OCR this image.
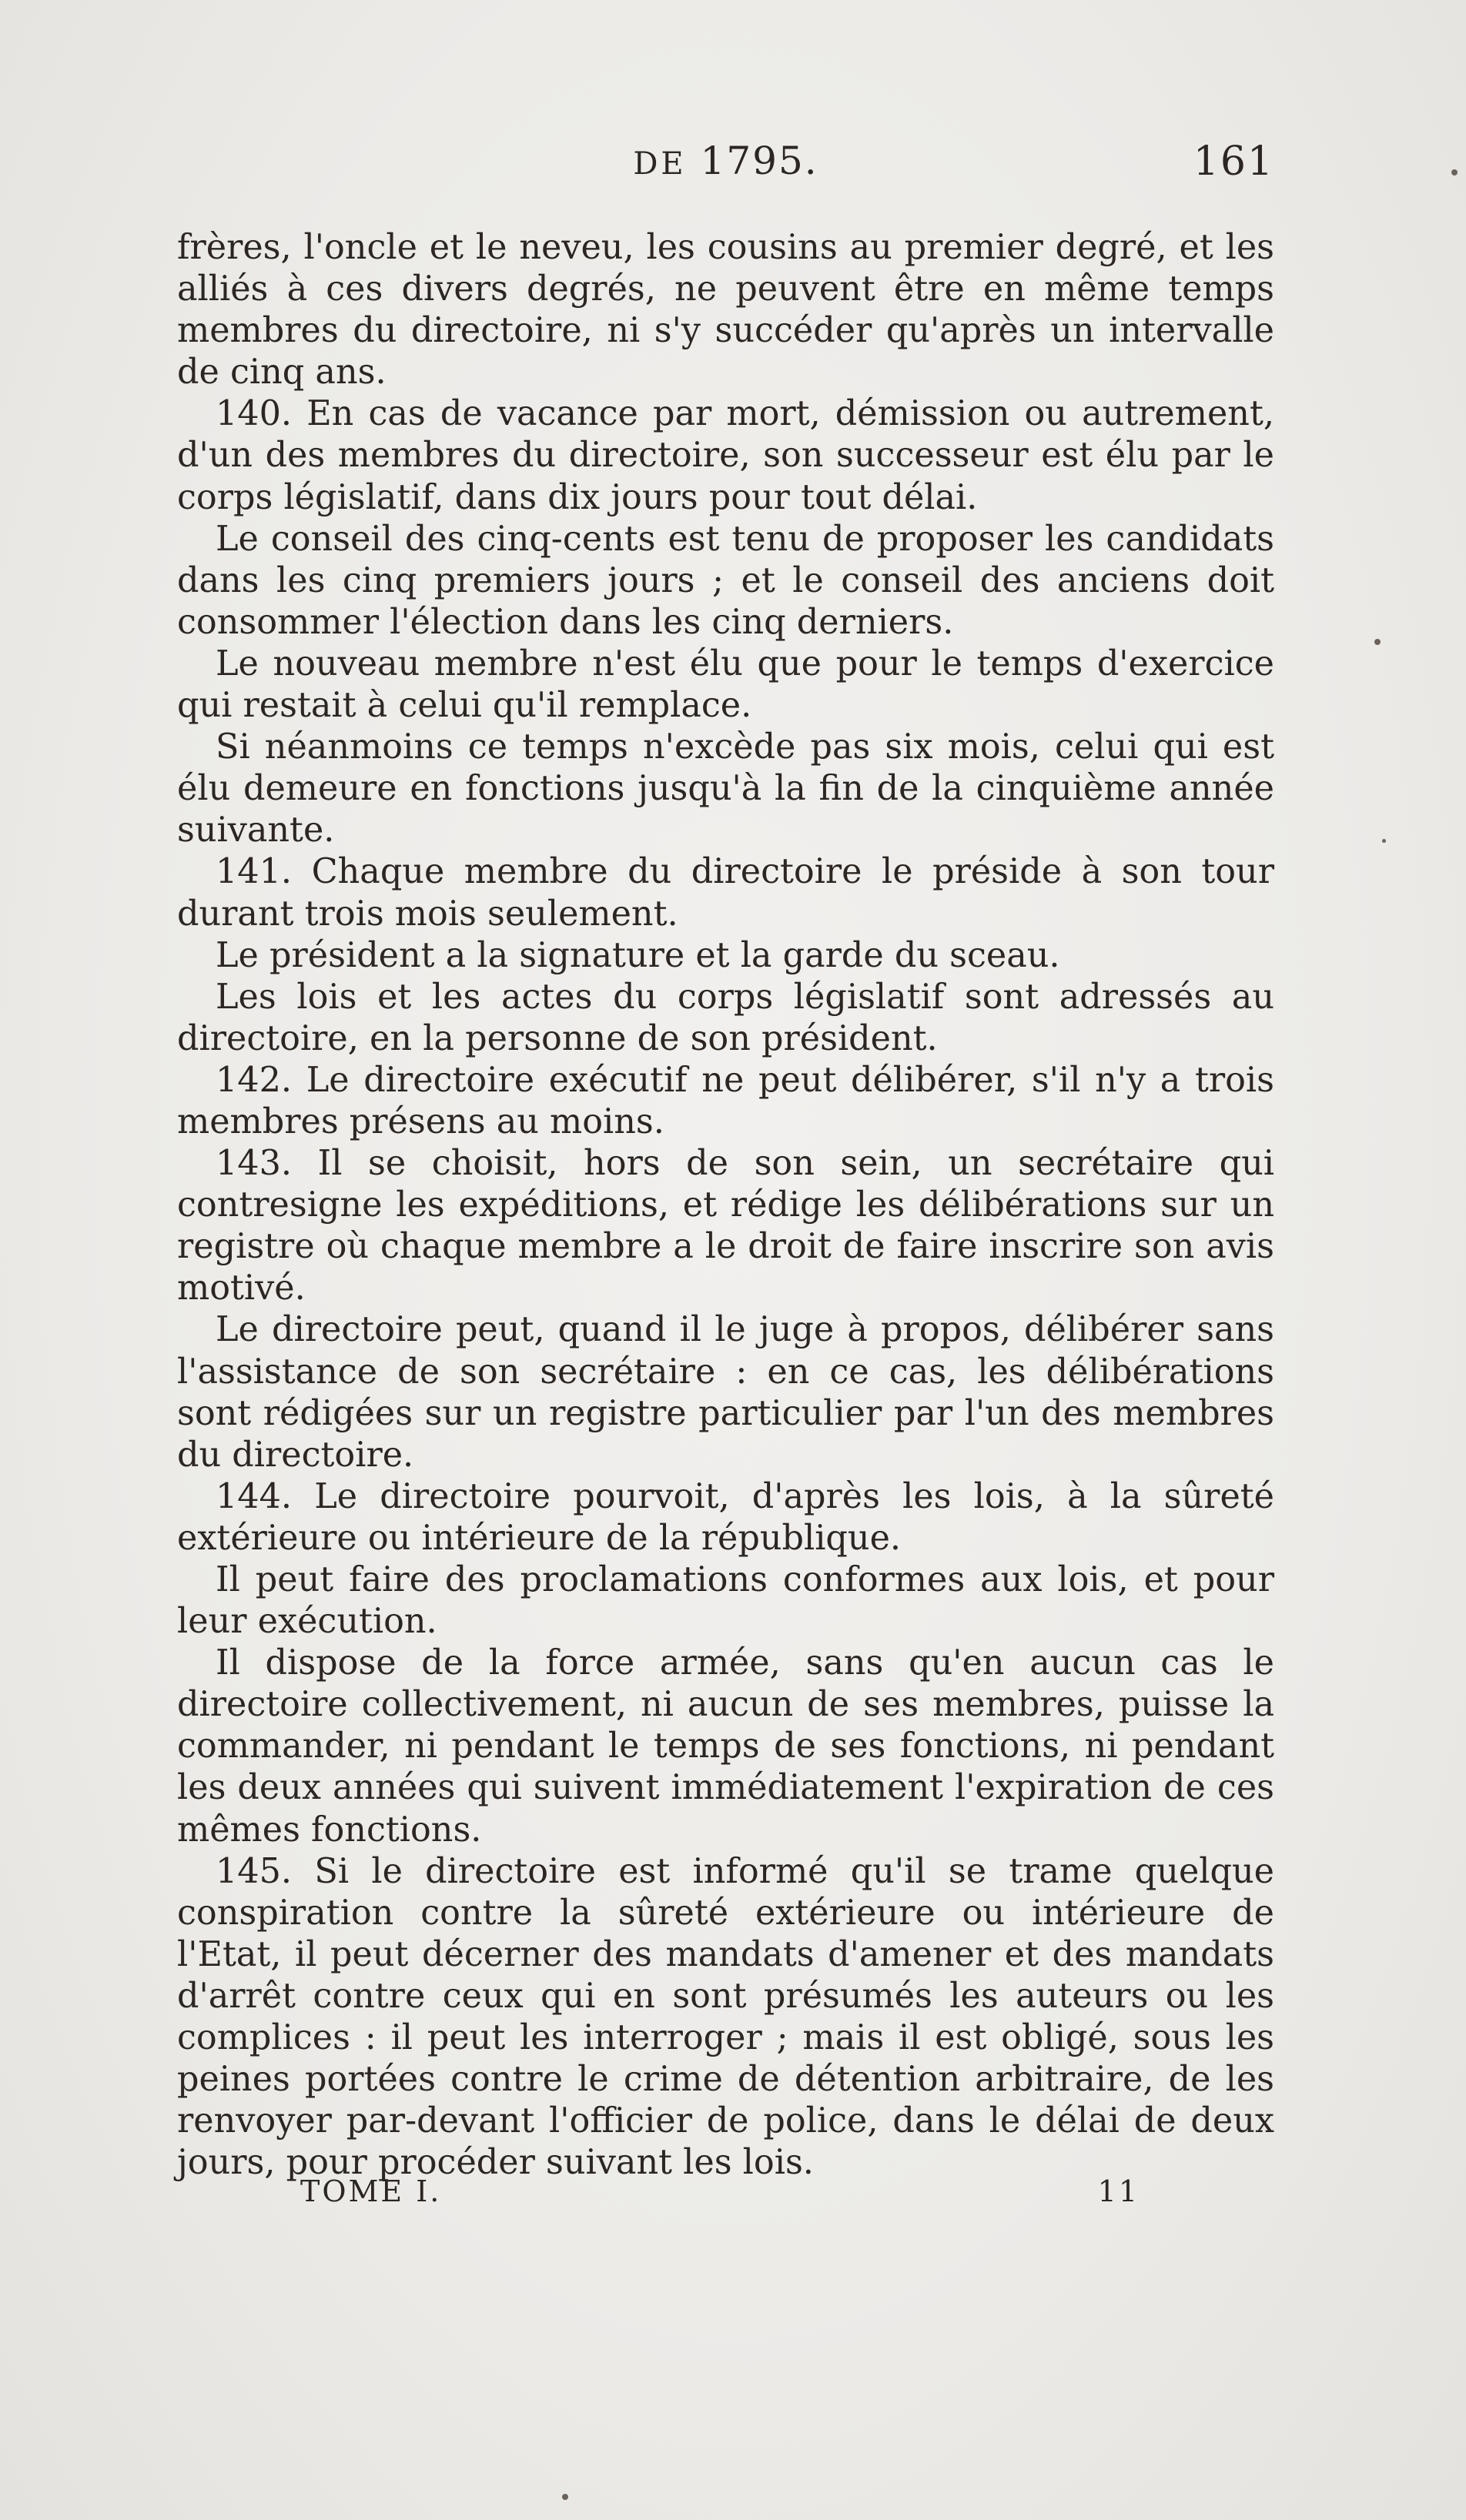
DE 1795.	161

frères, l'oncle et le neveu, les cousins au premier degré, et les alliés à ces divers degrés, ne peuvent être en même temps membres du directoire, ni s'y succéder qu'après un intervalle de cinq ans.

140. En cas de vacance par mort, démission ou autrement, d'un des membres du directoire, son successeur est élu par le corps législatif, dans dix jours pour tout délai.

Le conseil des cinq-cents est tenu de proposer les candidats dans les cinq premiers jours ; et le conseil des anciens doit consommer l'élection dans les cinq derniers.

Le nouveau membre n'est élu que pour le temps d'exercice qui restait à celui qu'il remplace.

Si néanmoins ce temps n'excède pas six mois, celui qui est élu demeure en fonctions jusqu'à la fin de la cinquième année suivante.

141. Chaque membre du directoire le préside à son tour durant trois mois seulement.

Le président a la signature et la garde du sceau.

Les lois et les actes du corps législatif sont adressés au directoire, en la personne de son président.

142. Le directoire exécutif ne peut délibérer, s'il n'y a trois membres présens au moins.

143. Il se choisit, hors de son sein, un secrétaire qui contresigne les expéditions, et rédige les délibérations sur un registre où chaque membre a le droit de faire inscrire son avis motivé.

Le directoire peut, quand il le juge à propos, délibérer sans l'assistance de son secrétaire : en ce cas, les délibérations sont rédigées sur un registre particulier par l'un des membres du directoire.

144. Le directoire pourvoit, d'après les lois, à la sûreté extérieure ou intérieure de la république.

Il peut faire des proclamations conformes aux lois, et pour leur exécution.

Il dispose de la force armée, sans qu'en aucun cas le directoire collectivement, ni aucun de ses membres, puisse la commander, ni pendant le temps de ses fonctions, ni pendant les deux années qui suivent immédiatement l'expiration de ces mêmes fonctions.

145. Si le directoire est informé qu'il se trame quelque conspiration contre la sûreté extérieure ou intérieure de l'Etat, il peut décerner des mandats d'amener et des mandats d'arrêt contre ceux qui en sont présumés les auteurs ou les complices : il peut les interroger ; mais il est obligé, sous les peines portées contre le crime de détention arbitraire, de les renvoyer par-devant l'officier de police, dans le délai de deux jours, pour procéder suivant les lois.

TOME I.	11
